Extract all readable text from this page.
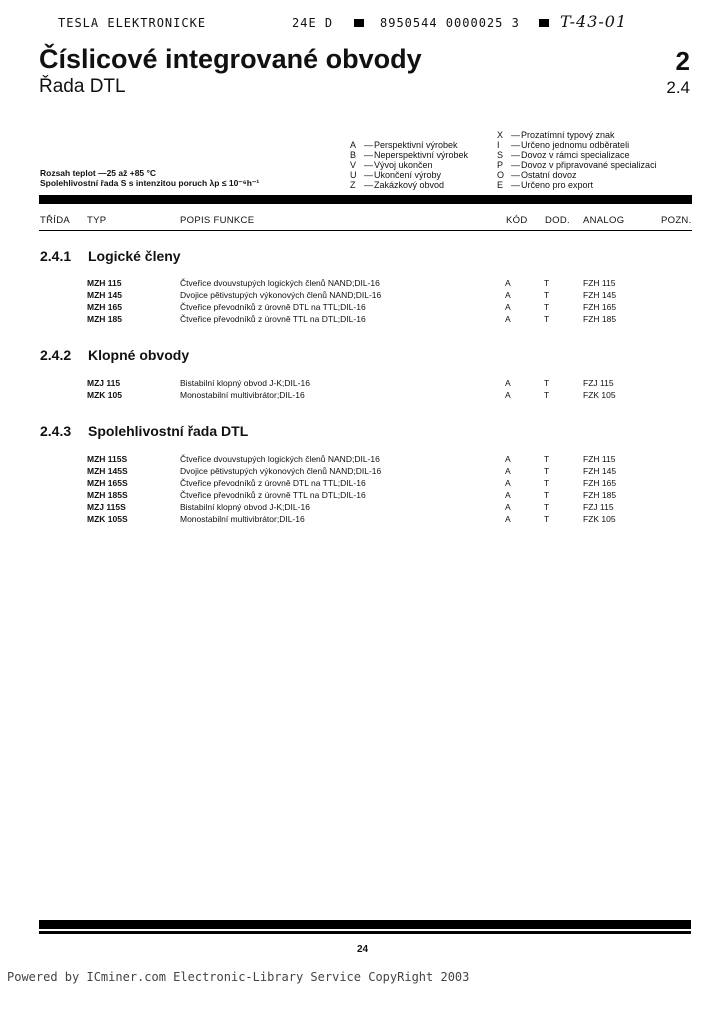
TESLA ELEKTRONICKE	24E D	8950544 0000025 3	T-43-01
Číslicové integrované obvody
Řada DTL
2
2.4
A — Perspektivní výrobek
B — Neperspektivní výrobek
V — Vývoj ukončen
U — Ukončení výroby
Z — Zakázkový obvod
X — Prozatímní typový znak
I	— Určeno jednomu odběrateli
S — Dovoz v rámci specializace
P — Dovoz v připravované specializaci
O — Ostatní dovoz
E — Určeno pro export
Rozsah teplot —25 až +85 °C
Spolehlivostní řada S s intenzitou poruch λp ≤ 10⁻⁶h⁻¹
TŘÍDA TYP	POPIS FUNKCE	KÓD DOD. ANALOG	POZN.
2.4.1 Logické členy
MZH 115	Čtveřice dvouvstupých logických členů NAND;DIL-16	A	T	FZH 115
MZH 145	Dvojice pětivstupých výkonových členů NAND;DIL-16	A	T	FZH 145
MZH 165	Čtveřice převodníků z úrovně DTL na TTL;DIL-16	A	T	FZH 165
MZH 185	Čtveřice převodníků z úrovně TTL na DTL;DIL-16	A	T	FZH 185
2.4.2 Klopné obvody
MZJ 115	Bistabilní klopný obvod J-K;DIL-16	A	T	FZJ 115
MZK 105	Monostabilní multivibrátor;DIL-16	A	T	FZK 105
2.4.3 Spolehlivostní řada DTL
MZH 115S	Čtveřice dvouvstupých logických členů NAND;DIL-16	A	T	FZH 115
MZH 145S	Dvojice pětivstupých výkonových členů NAND;DIL-16	A	T	FZH 145
MZH 165S	Čtveřice převodníků z úrovně DTL na TTL;DIL-16	A	T	FZH 165
MZH 185S	Čtveřice převodníků z úrovně TTL na DTL;DIL-16	A	T	FZH 185
MZJ 115S	Bistabilní klopný obvod J-K;DIL-16	A	T	FZJ 115
MZK 105S	Monostabilní multivibrátor;DIL-16	A	T	FZK 105
24
Powered by ICminer.com Electronic-Library Service CopyRight 2003
